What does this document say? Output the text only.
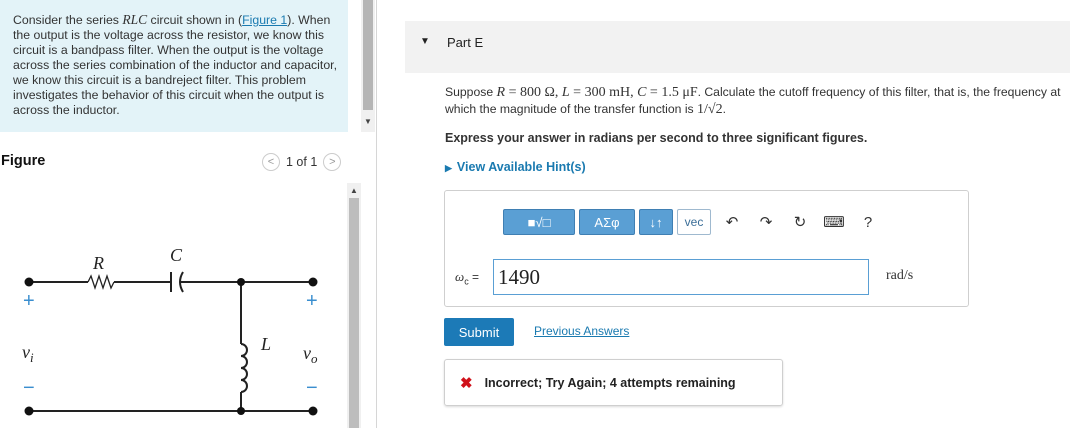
Consider the series RLC circuit shown in (Figure 1). When the output is the voltage across the resistor, we know this circuit is a bandpass filter. When the output is the voltage across the series combination of the inductor and capacitor, we know this circuit is a bandreject filter. This problem investigates the behavior of this circuit when the output is across the inductor.
Figure	< 1 of 1	>
R	C
L
$v_i$	$v_o$
+	+
−	−
▲
▼
▼ Part E
Suppose R = 800 Ω, L = 300 mH, C = 1.5 μF. Calculate the cutoff frequency of this filter, that is, the frequency at which the magnitude of the transfer function is 1/√2.
Express your answer in radians per second to three significant figures.
▶ View Available Hint(s)
■√□	ΑΣφ	↓↑	vec	↶	↷	↻	⌨	?
$\omega_c = 1490$	rad/s
Submit	Previous Answers
✖ Incorrect; Try Again; 4 attempts remaining
